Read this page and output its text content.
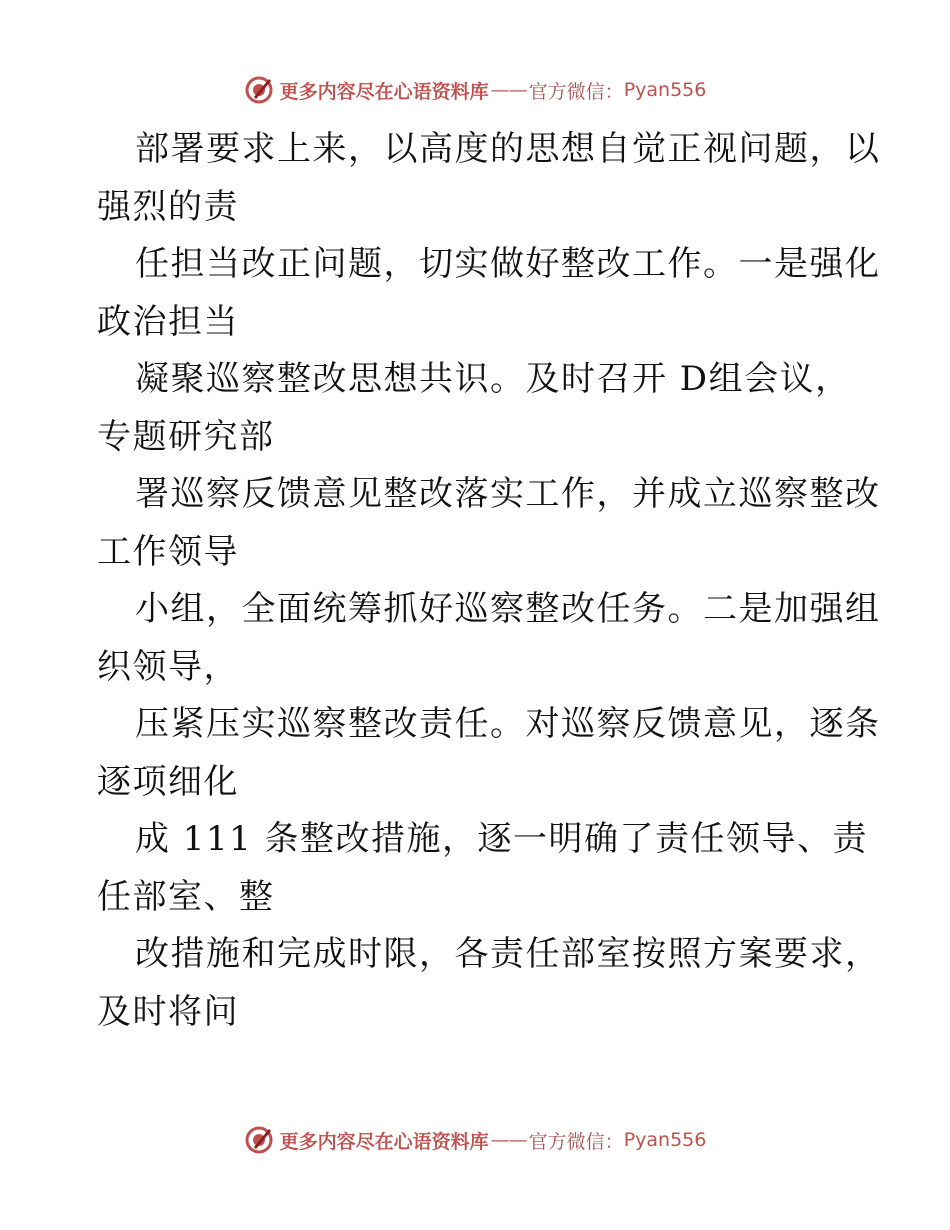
更多内容尽在心语资料库 —— 官方微信： Pyan556

部署要求上来，以高度的思想自觉正视问题，以
强烈的责

任担当改正问题，切实做好整改工作。一是强化
政治担当

凝聚巡察整改思想共识。及时召开 D组会议，
专题研究部

署巡察反馈意见整改落实工作，并成立巡察整改
工作领导

小组，全面统筹抓好巡察整改任务。二是加强组
织领导，

压紧压实巡察整改责任。对巡察反馈意见，逐条
逐项细化

成 111 条整改措施，逐一明确了责任领导、责
任部室、整

改措施和完成时限，各责任部室按照方案要求，
及时将问

更多内容尽在心语资料库 —— 官方微信： Pyan556
